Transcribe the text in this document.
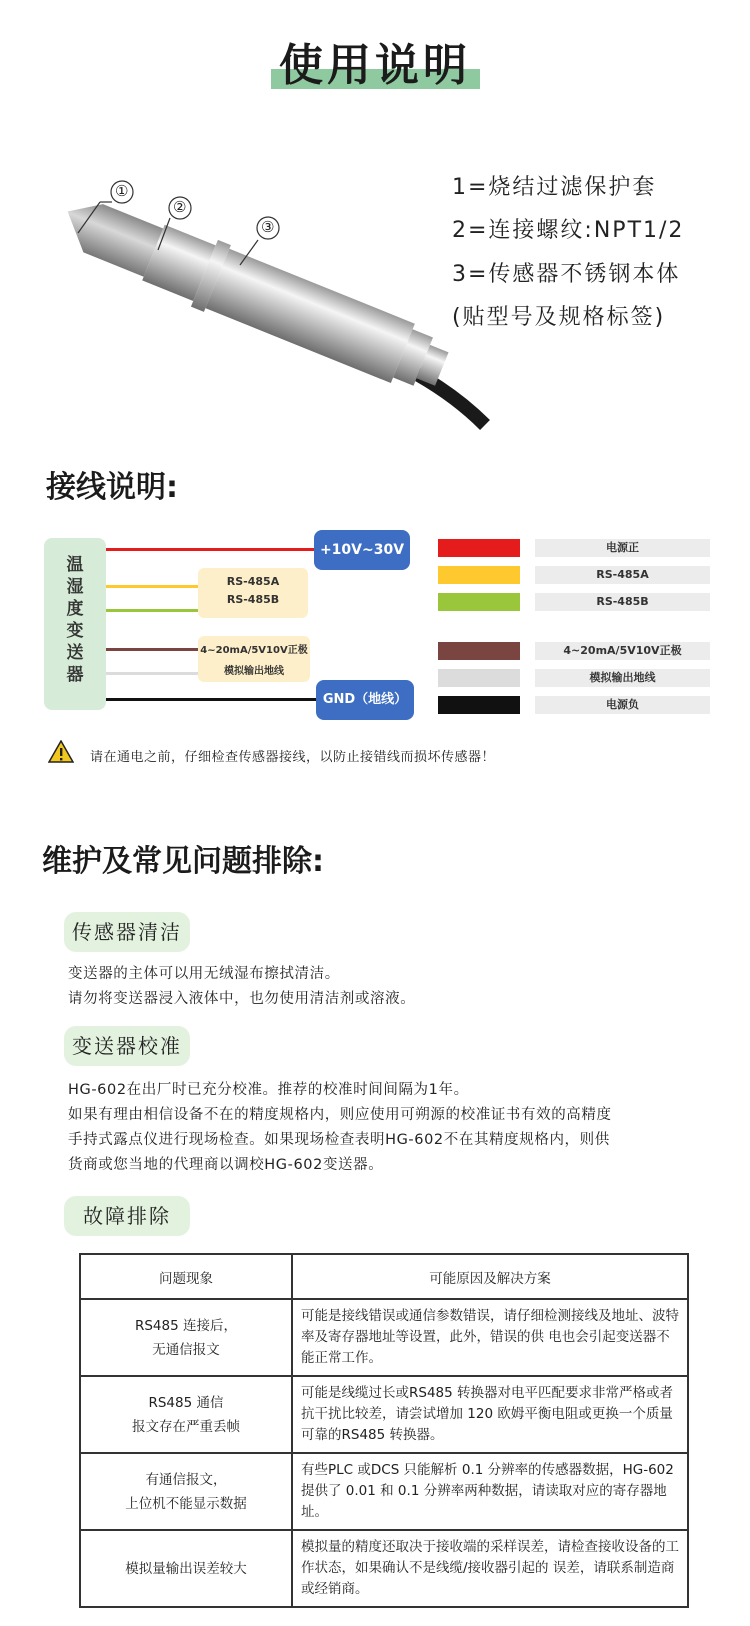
使用说明
①
②
③
1=烧结过滤保护套
2=连接螺纹:NPT1/2
3=传感器不锈钢本体
(贴型号及规格标签)
接线说明:
温
湿
度
变
送
器
+10V~30V
RS-485A
RS-485B
4~20mA/5V10V正极
模拟输出地线
GND（地线）
电源正
RS-485A
RS-485B
4~20mA/5V10V正极
模拟输出地线
电源负
请在通电之前，仔细检查传感器接线，以防止接错线而损坏传感器！
维护及常见问题排除:
传感器清洁
变送器的主体可以用无绒湿布擦拭清洁。
请勿将变送器浸入液体中，也勿使用清洁剂或溶液。
变送器校准
HG-602在出厂时已充分校准。推荐的校准时间间隔为1年。
如果有理由相信设备不在的精度规格内，则应使用可朔源的校准证书有效的高精度
手持式露点仪进行现场检查。如果现场检查表明HG-602不在其精度规格内，则供
货商或您当地的代理商以调校HG-602变送器。
故障排除
问题现象	可能原因及解决方案

RS485 连接后，
无通信报文	可能是接线错误或通信参数错误，请仔细检测接线及地址、波特率及寄存器地址等设置，此外，错误的供 电也会引起变送器不能正常工作。

RS485 通信
报文存在严重丢帧	可能是线缆过长或RS485 转换器对电平匹配要求非常严格或者抗干扰比较差，请尝试增加 120 欧姆平衡电阻或更换一个质量可靠的RS485 转换器。

有通信报文，
上位机不能显示数据	有些PLC 或DCS 只能解析 0.1 分辨率的传感器数据，HG-602 提供了 0.01 和 0.1 分辨率两种数据，请读取对应的寄存器地址。

模拟量输出误差较大	模拟量的精度还取决于接收端的采样误差，请检查接收设备的工作状态，如果确认不是线缆/接收器引起的 误差，请联系制造商或经销商。
